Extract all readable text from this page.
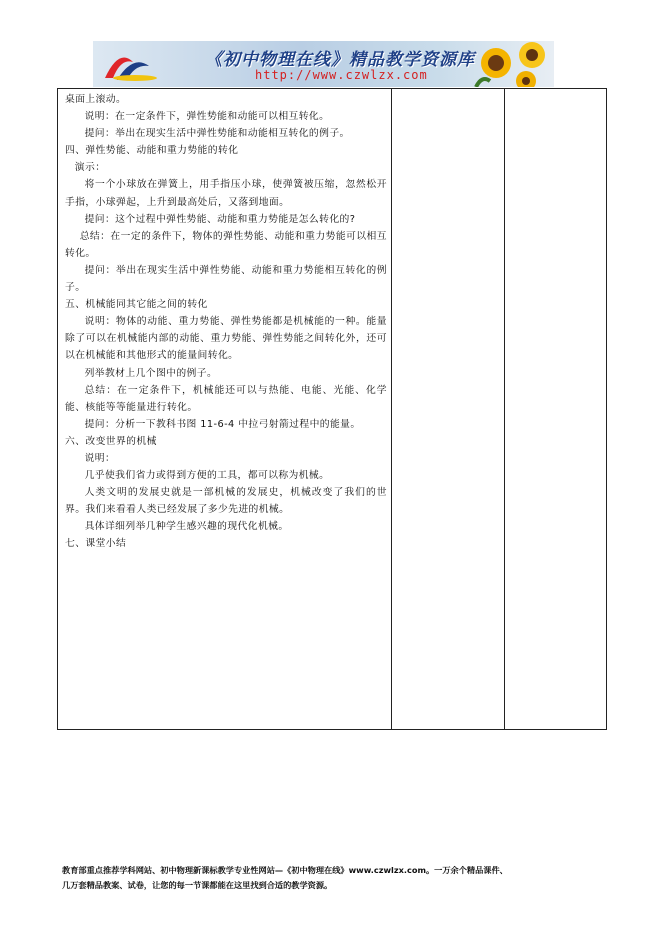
《初中物理在线》精品教学资源库
http://www.czwlzx.com

桌面上滚动。

说明：在一定条件下，弹性势能和动能可以相互转化。

提问：举出在现实生活中弹性势能和动能相互转化的例子。

四、弹性势能、动能和重力势能的转化

演示：

将一个小球放在弹簧上，用手指压小球，使弹簧被压缩，忽然松开手指，小球弹起，上升到最高处后，又落到地面。

提问：这个过程中弹性势能、动能和重力势能是怎么转化的?

总结：在一定的条件下，物体的弹性势能、动能和重力势能可以相互转化。

提问：举出在现实生活中弹性势能、动能和重力势能相互转化的例子。

五、机械能同其它能之间的转化

说明：物体的动能、重力势能、弹性势能都是机械能的一种。能量除了可以在机械能内部的动能、重力势能、弹性势能之间转化外，还可以在机械能和其他形式的能量间转化。

列举教材上几个图中的例子。

总结：在一定条件下，机械能还可以与热能、电能、光能、化学能、核能等等能量进行转化。

提问：分析一下教科书图 11-6-4 中拉弓射箭过程中的能量。

六、改变世界的机械

说明：

几乎使我们省力或得到方便的工具，都可以称为机械。

人类文明的发展史就是一部机械的发展史，机械改变了我们的世界。我们来看看人类已经发展了多少先进的机械。

具体详细列举几种学生感兴趣的现代化机械。

七、课堂小结

教育部重点推荐学科网站、初中物理新课标教学专业性网站—《初中物理在线》www.czwlzx.com。一万余个精品课件、
几万套精品教案、试卷，让您的每一节课都能在这里找到合适的教学资源。
